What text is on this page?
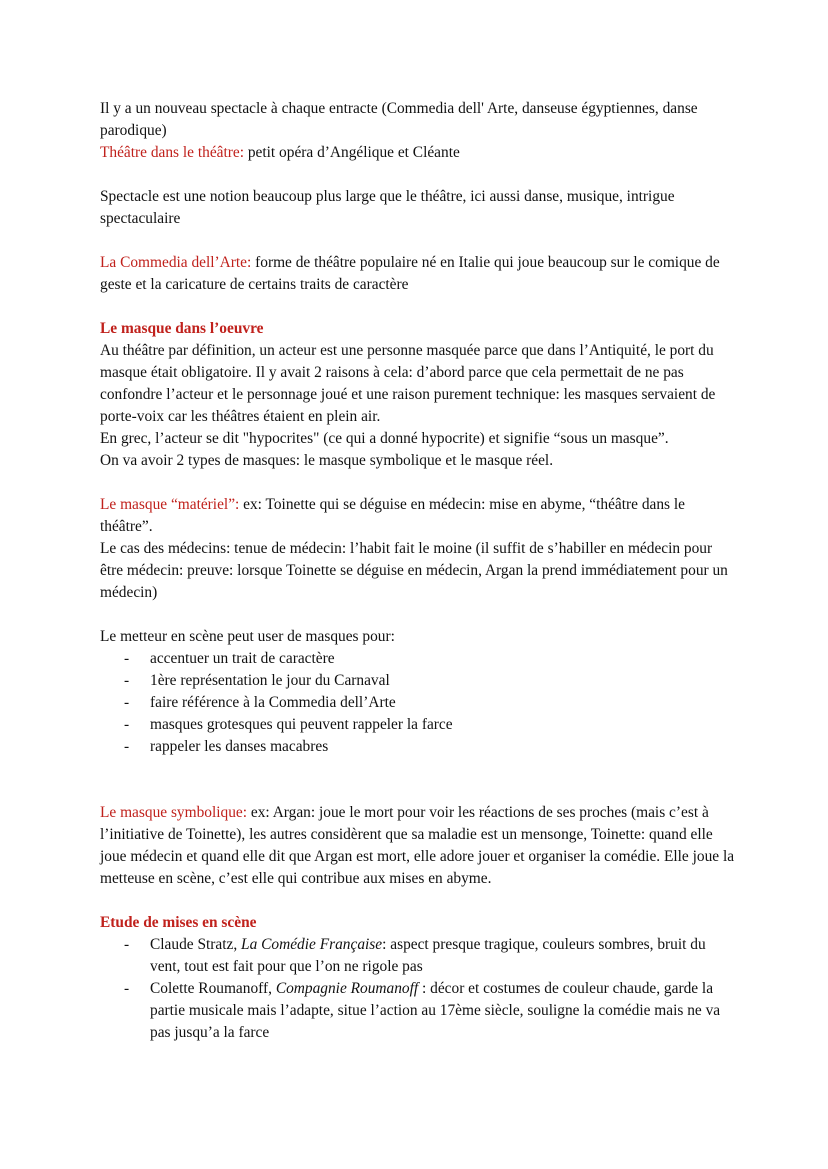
Il y a un nouveau spectacle à chaque entracte (Commedia dell' Arte, danseuse égyptiennes, danse parodique)

Théâtre dans le théâtre: petit opéra d’Angélique et Cléante

Spectacle est une notion beaucoup plus large que le théâtre, ici aussi danse, musique, intrigue spectaculaire

La Commedia dell’Arte: forme de théâtre populaire né en Italie qui joue beaucoup sur le comique de geste et la caricature de certains traits de caractère

Le masque dans l’oeuvre

Au théâtre par définition, un acteur est une personne masquée parce que dans l’Antiquité, le port du masque était obligatoire. Il y avait 2 raisons à cela: d’abord parce que cela permettait de ne pas confondre l’acteur et le personnage joué et une raison purement technique: les masques servaient de porte-voix car les théâtres étaient en plein air.

En grec, l’acteur se dit "hypocrites" (ce qui a donné hypocrite) et signifie “sous un masque”.

On va avoir 2 types de masques: le masque symbolique et le masque réel.

Le masque “matériel”: ex: Toinette qui se déguise en médecin: mise en abyme, “théâtre dans le théâtre”.

Le cas des médecins: tenue de médecin: l’habit fait le moine (il suffit de s’habiller en médecin pour être médecin: preuve: lorsque Toinette se déguise en médecin, Argan la prend immédiatement pour un médecin)

Le metteur en scène peut user de masques pour:

- accentuer un trait de caractère
- 1ère représentation le jour du Carnaval
- faire référence à la Commedia dell’Arte
- masques grotesques qui peuvent rappeler la farce
- rappeler les danses macabres

Le masque symbolique: ex: Argan: joue le mort pour voir les réactions de ses proches (mais c’est à l’initiative de Toinette), les autres considèrent que sa maladie est un mensonge, Toinette: quand elle joue médecin et quand elle dit que Argan est mort, elle adore jouer et organiser la comédie. Elle joue la metteuse en scène, c’est elle qui contribue aux mises en abyme.

Etude de mises en scène

- Claude Stratz, La Comédie Française: aspect presque tragique, couleurs sombres, bruit du vent, tout est fait pour que l’on ne rigole pas
- Colette Roumanoff, Compagnie Roumanoff : décor et costumes de couleur chaude, garde la partie musicale mais l’adapte, situe l’action au 17ème siècle, souligne la comédie mais ne va pas jusqu’a la farce
